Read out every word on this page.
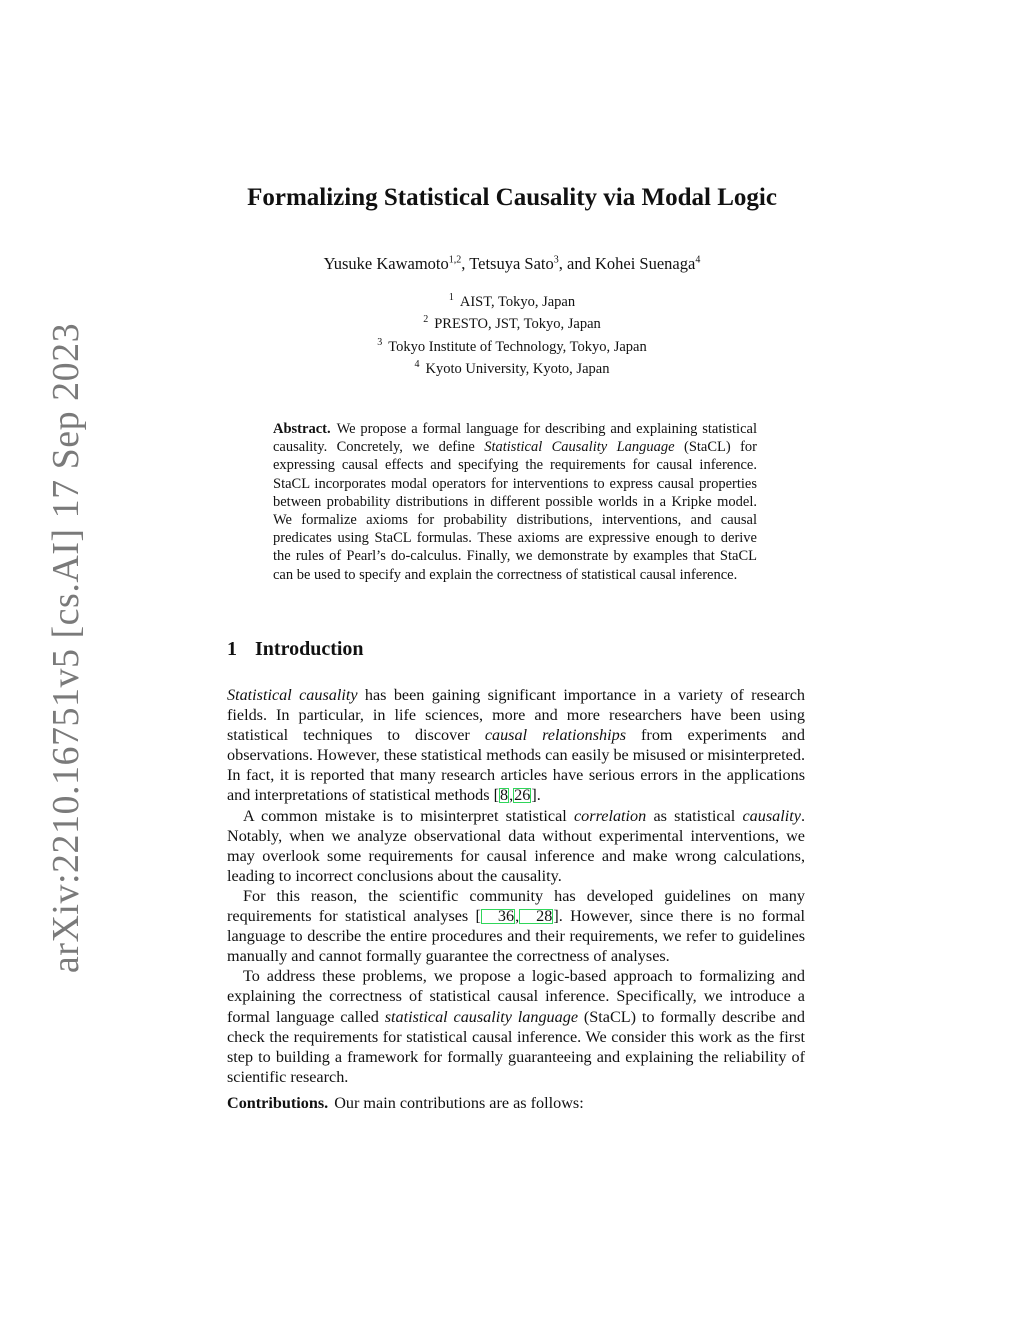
arXiv:2210.16751v5 [cs.AI] 17 Sep 2023
Formalizing Statistical Causality via Modal Logic
Yusuke Kawamoto$^{1,2}$, Tetsuya Sato$^3$, and Kohei Suenaga$^4$
$^1$ AIST, Tokyo, Japan
$^2$ PRESTO, JST, Tokyo, Japan
$^3$ Tokyo Institute of Technology, Tokyo, Japan
$^4$ Kyoto University, Kyoto, Japan
Abstract. We propose a formal language for describing and explaining statistical causality. Concretely, we define Statistical Causality Language (StaCL) for expressing causal effects and specifying the requirements for causal inference. StaCL incorporates modal operators for interventions to express causal properties between probability distributions in different possible worlds in a Kripke model. We formalize axioms for probability distributions, interventions, and causal predicates using StaCL formulas. These axioms are expressive enough to derive the rules of Pearl’s do-calculus. Finally, we demonstrate by examples that StaCL can be used to specify and explain the correctness of statistical causal inference.
1 Introduction

Statistical causality has been gaining significant importance in a variety of research fields. In particular, in life sciences, more and more researchers have been using statistical techniques to discover causal relationships from experiments and observations. However, these statistical methods can easily be misused or misinterpreted. In fact, it is reported that many research articles have serious errors in the applications and interpretations of statistical methods [8,26].

A common mistake is to misinterpret statistical correlation as statistical causality. Notably, when we analyze observational data without experimental interventions, we may overlook some requirements for causal inference and make wrong calculations, leading to incorrect conclusions about the causality.

For this reason, the scientific community has developed guidelines on many requirements for statistical analyses [ 36, 28]. However, since there is no formal language to describe the entire procedures and their requirements, we refer to guidelines manually and cannot formally guarantee the correctness of analyses.

To address these problems, we propose a logic-based approach to formalizing and explaining the correctness of statistical causal inference. Specifically, we introduce a formal language called statistical causality language (StaCL) to formally describe and check the requirements for statistical causal inference. We consider this work as the first step to building a framework for formally guaranteeing and explaining the reliability of scientific research.

Contributions. Our main contributions are as follows:
